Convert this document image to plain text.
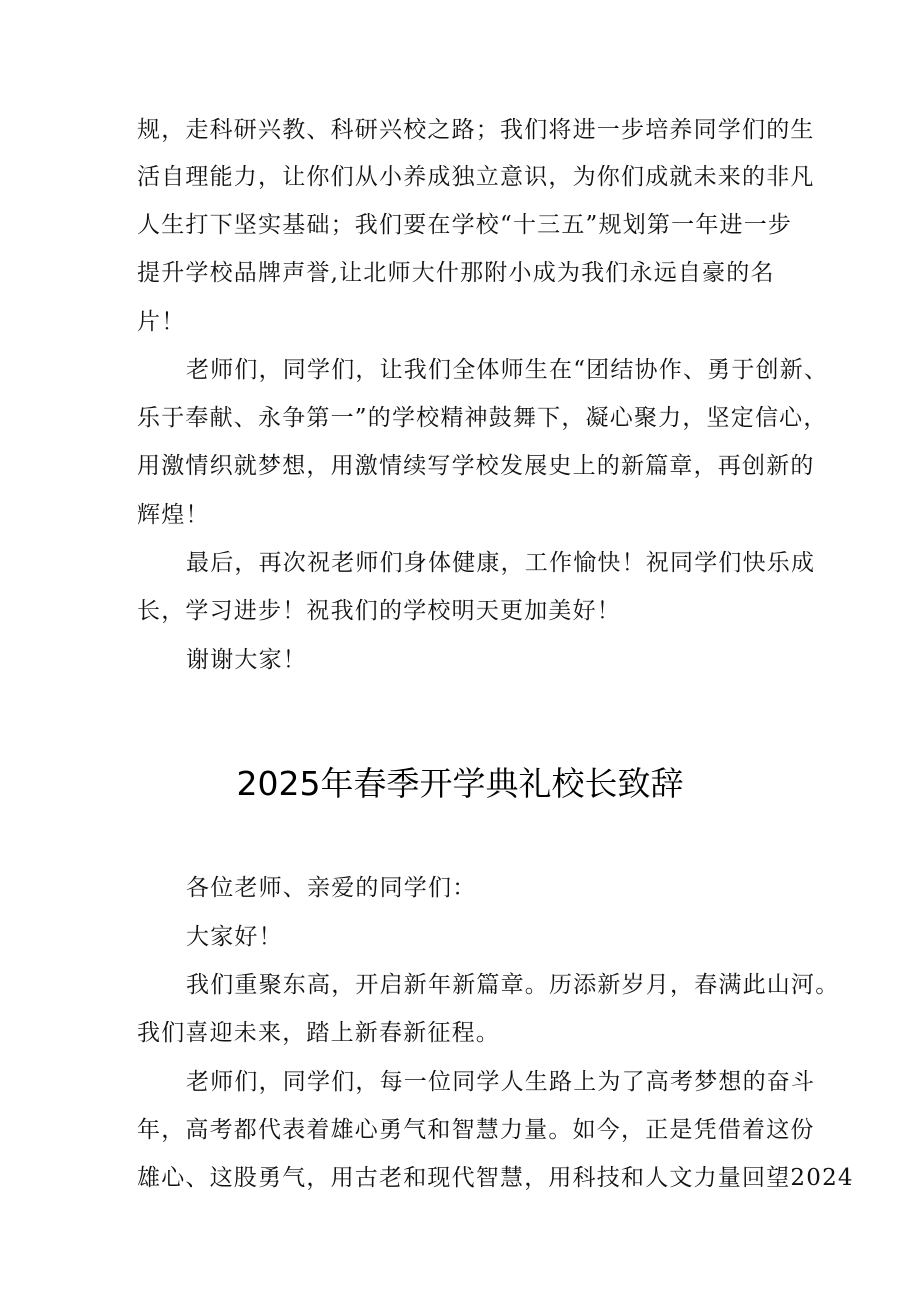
规，走科研兴教、科研兴校之路；我们将进一步培养同学们的生

活自理能力，让你们从小养成独立意识，为你们成就未来的非凡

人生打下坚实基础；我们要在学校“十三五”规划第一年进一步

提升学校品牌声誉,让北师大什那附小成为我们永远自豪的名

片！

老师们，同学们，让我们全体师生在“团结协作、勇于创新、

乐于奉献、永争第一”的学校精神鼓舞下，凝心聚力，坚定信心，

用激情织就梦想，用激情续写学校发展史上的新篇章，再创新的

辉煌！

最后，再次祝老师们身体健康，工作愉快！祝同学们快乐成

长，学习进步！祝我们的学校明天更加美好！

谢谢大家！

2025年春季开学典礼校长致辞

各位老师、亲爱的同学们：

大家好！

我们重聚东高，开启新年新篇章。历添新岁月，春满此山河。

我们喜迎未来，踏上新春新征程。

老师们，同学们，每一位同学人生路上为了高考梦想的奋斗

年，高考都代表着雄心勇气和智慧力量。如今，正是凭借着这份

雄心、这股勇气，用古老和现代智慧，用科技和人文力量回望2024
